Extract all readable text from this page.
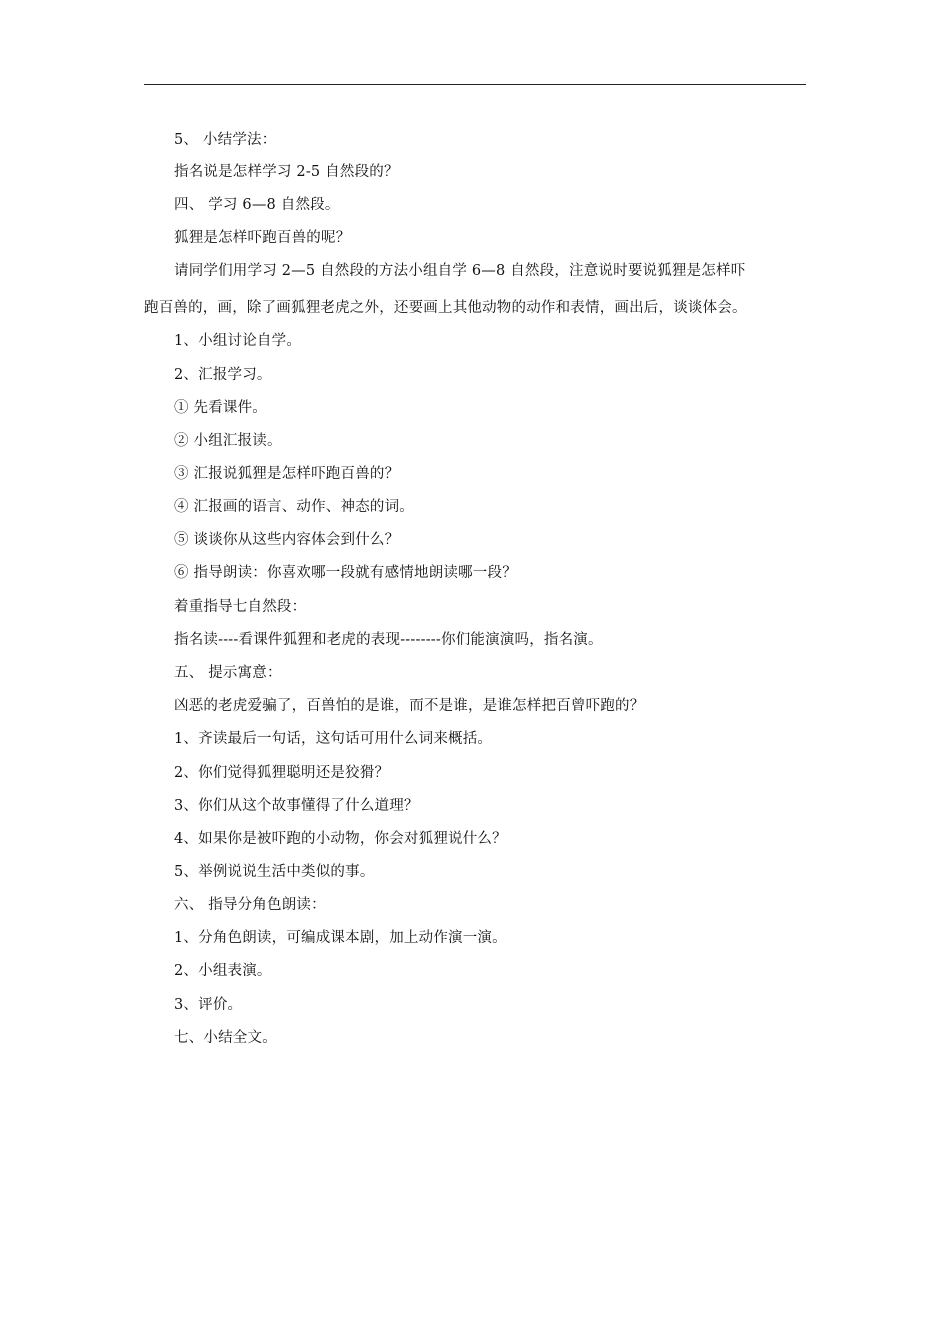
5、 小结学法：
指名说是怎样学习 2-5 自然段的？
四、 学习 6—8 自然段。
狐狸是怎样吓跑百兽的呢？
请同学们用学习 2—5 自然段的方法小组自学 6—8 自然段，注意说时要说狐狸是怎样吓
跑百兽的，画，除了画狐狸老虎之外，还要画上其他动物的动作和表情，画出后，谈谈体会。
1、小组讨论自学。
2、汇报学习。
① 先看课件。
② 小组汇报读。
③ 汇报说狐狸是怎样吓跑百兽的？
④ 汇报画的语言、动作、神态的词。
⑤ 谈谈你从这些内容体会到什么？
⑥ 指导朗读：你喜欢哪一段就有感情地朗读哪一段？
着重指导七自然段：
指名读----看课件狐狸和老虎的表现--------你们能演演吗，指名演。
五、 提示寓意：
凶恶的老虎爱骗了，百兽怕的是谁，而不是谁，是谁怎样把百曾吓跑的？
1、齐读最后一句话，这句话可用什么词来概括。
2、你们觉得狐狸聪明还是狡猾？
3、你们从这个故事懂得了什么道理？
4、如果你是被吓跑的小动物，你会对狐狸说什么？
5、举例说说生活中类似的事。
六、 指导分角色朗读：
1、分角色朗读，可编成课本剧，加上动作演一演。
2、小组表演。
3、评价。
七、小结全文。
